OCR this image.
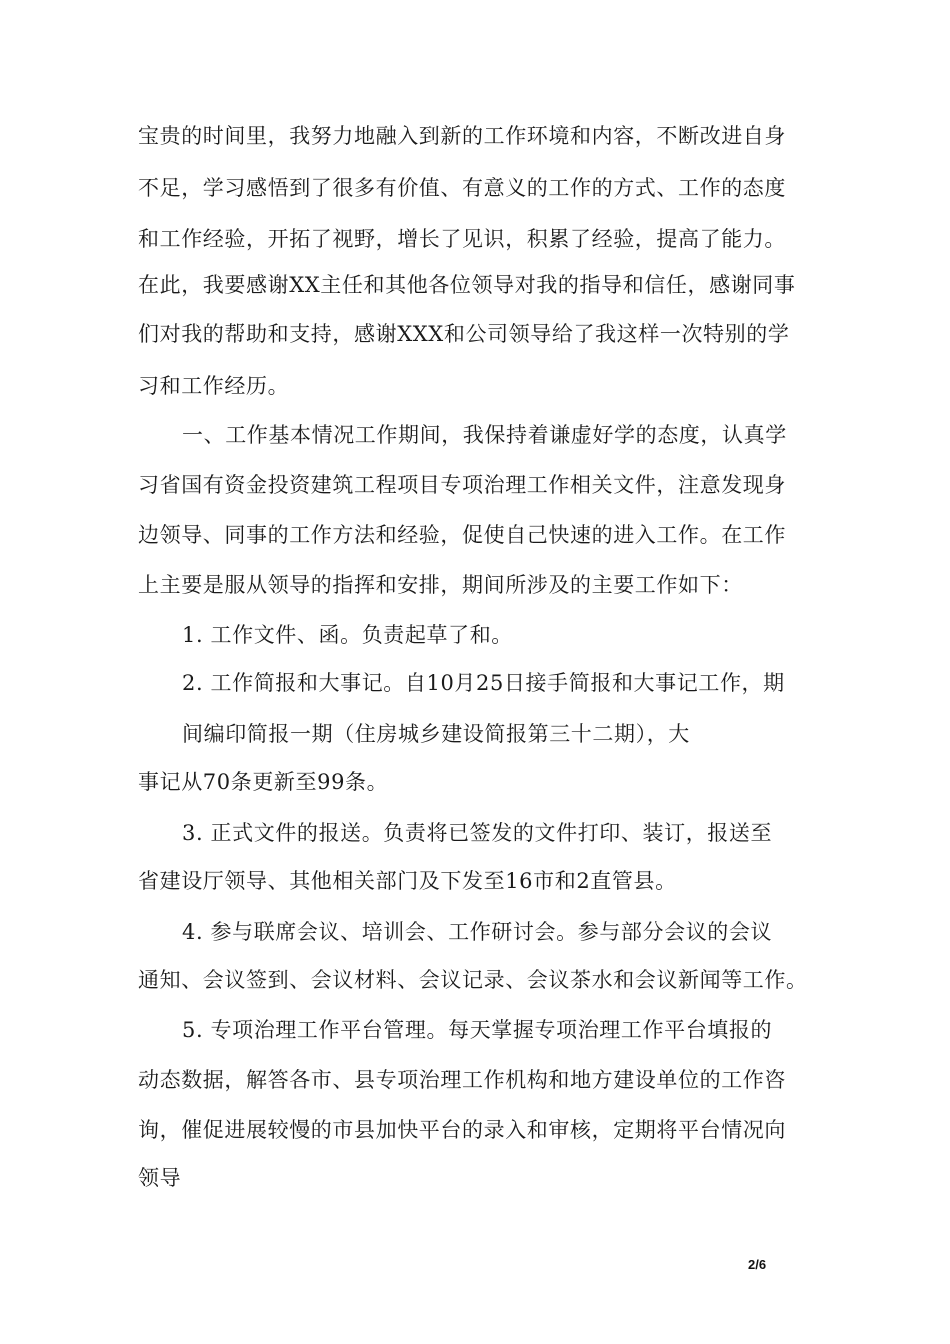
宝贵的时间里，我努力地融入到新的工作环境和内容，不断改进自身
不足，学习感悟到了很多有价值、有意义的工作的方式、工作的态度
和工作经验，开拓了视野，增长了见识，积累了经验，提高了能力。
在此，我要感谢XX主任和其他各位领导对我的指导和信任，感谢同事
们对我的帮助和支持，感谢XXX和公司领导给了我这样一次特别的学
习和工作经历。
一、工作基本情况工作期间，我保持着谦虚好学的态度，认真学
习省国有资金投资建筑工程项目专项治理工作相关文件，注意发现身
边领导、同事的工作方法和经验，促使自己快速的进入工作。在工作
上主要是服从领导的指挥和安排，期间所涉及的主要工作如下：
1. 工作文件、函。负责起草了和。
2. 工作简报和大事记。自10月25日接手简报和大事记工作，期
间编印简报一期（住房城乡建设简报第三十二期），大
事记从70条更新至99条。
3. 正式文件的报送。负责将已签发的文件打印、装订，报送至
省建设厅领导、其他相关部门及下发至16市和2直管县。
4. 参与联席会议、培训会、工作研讨会。参与部分会议的会议
通知、会议签到、会议材料、会议记录、会议茶水和会议新闻等工作。
5. 专项治理工作平台管理。每天掌握专项治理工作平台填报的
动态数据，解答各市、县专项治理工作机构和地方建设单位的工作咨
询，催促进展较慢的市县加快平台的录入和审核，定期将平台情况向
领导
2/6
